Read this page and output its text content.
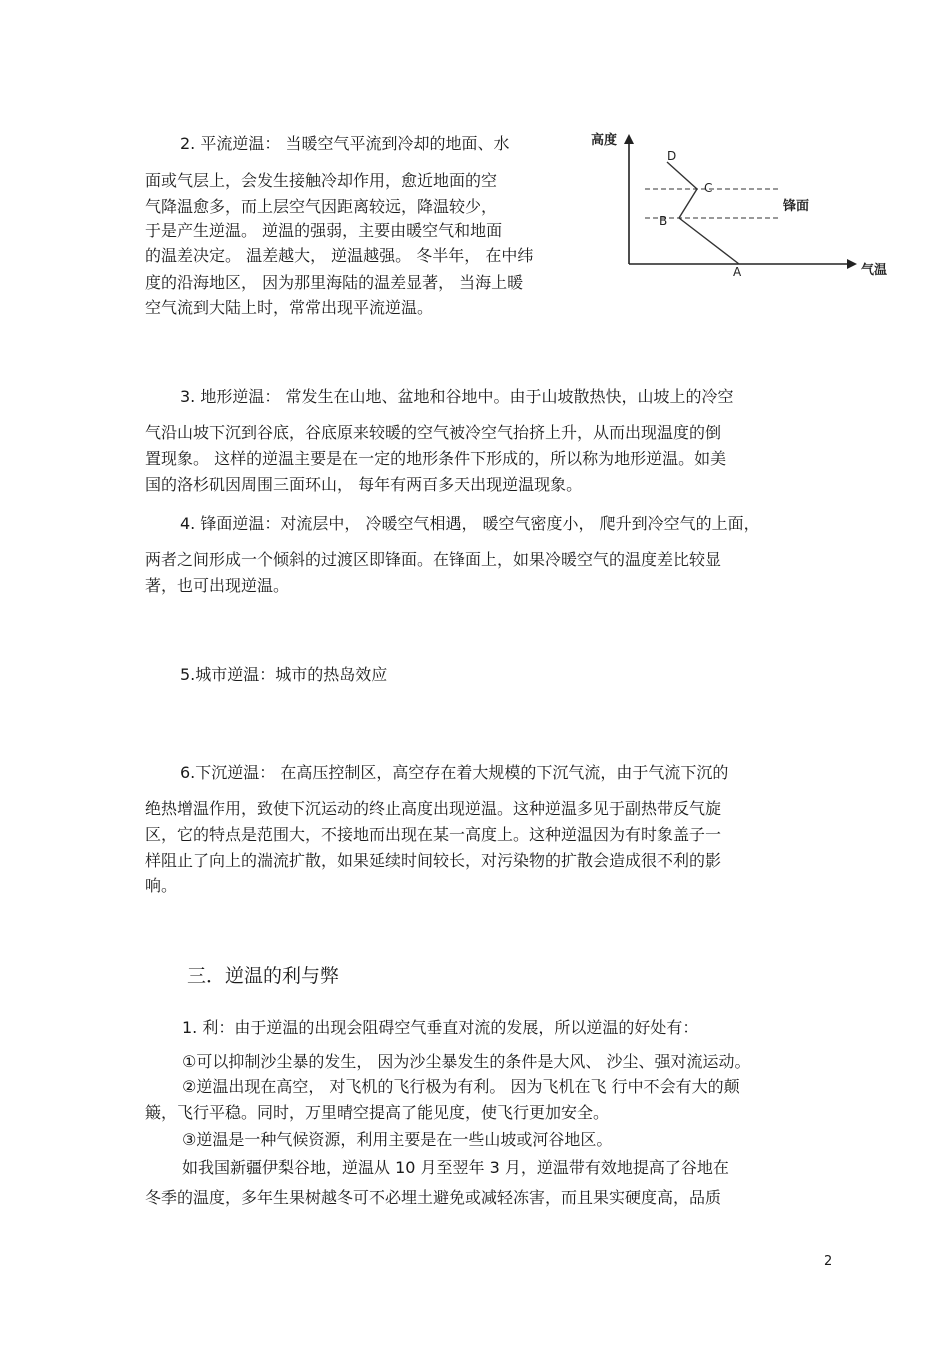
2. 平流逆温： 当暖空气平流到冷却的地面、水
面或气层上，会发生接触冷却作用，愈近地面的空
气降温愈多，而上层空气因距离较远，降温较少，
于是产生逆温。 逆温的强弱，主要由暖空气和地面
的温差决定。 温差越大， 逆温越强。 冬半年， 在中纬
度的沿海地区， 因为那里海陆的温差显著， 当海上暖
空气流到大陆上时，常常出现平流逆温。
高度
气温
锋面
D
C
B
A
3. 地形逆温： 常发生在山地、盆地和谷地中。由于山坡散热快，山坡上的冷空
气沿山坡下沉到谷底，谷底原来较暖的空气被冷空气抬挤上升，从而出现温度的倒
置现象。 这样的逆温主要是在一定的地形条件下形成的，所以称为地形逆温。如美
国的洛杉矶因周围三面环山， 每年有两百多天出现逆温现象。
4. 锋面逆温：对流层中， 冷暖空气相遇， 暖空气密度小， 爬升到冷空气的上面，
两者之间形成一个倾斜的过渡区即锋面。在锋面上，如果冷暖空气的温度差比较显
著，也可出现逆温。
5.城市逆温：城市的热岛效应
6.下沉逆温： 在高压控制区，高空存在着大规模的下沉气流，由于气流下沉的
绝热增温作用，致使下沉运动的终止高度出现逆温。这种逆温多见于副热带反气旋
区，它的特点是范围大，不接地而出现在某一高度上。这种逆温因为有时象盖子一
样阻止了向上的湍流扩散，如果延续时间较长，对污染物的扩散会造成很不利的影
响。
三．逆温的利与弊
1. 利：由于逆温的出现会阻碍空气垂直对流的发展，所以逆温的好处有：
①可以抑制沙尘暴的发生， 因为沙尘暴发生的条件是大风、 沙尘、强对流运动。
②逆温出现在高空， 对飞机的飞行极为有利。 因为飞机在飞 行中不会有大的颠
簸，飞行平稳。同时，万里晴空提高了能见度，使飞行更加安全。
③逆温是一种气候资源，利用主要是在一些山坡或河谷地区。
如我国新疆伊梨谷地，逆温从 10 月至翌年 3 月，逆温带有效地提高了谷地在
冬季的温度，多年生果树越冬可不必埋土避免或减轻冻害，而且果实硬度高，品质
2
